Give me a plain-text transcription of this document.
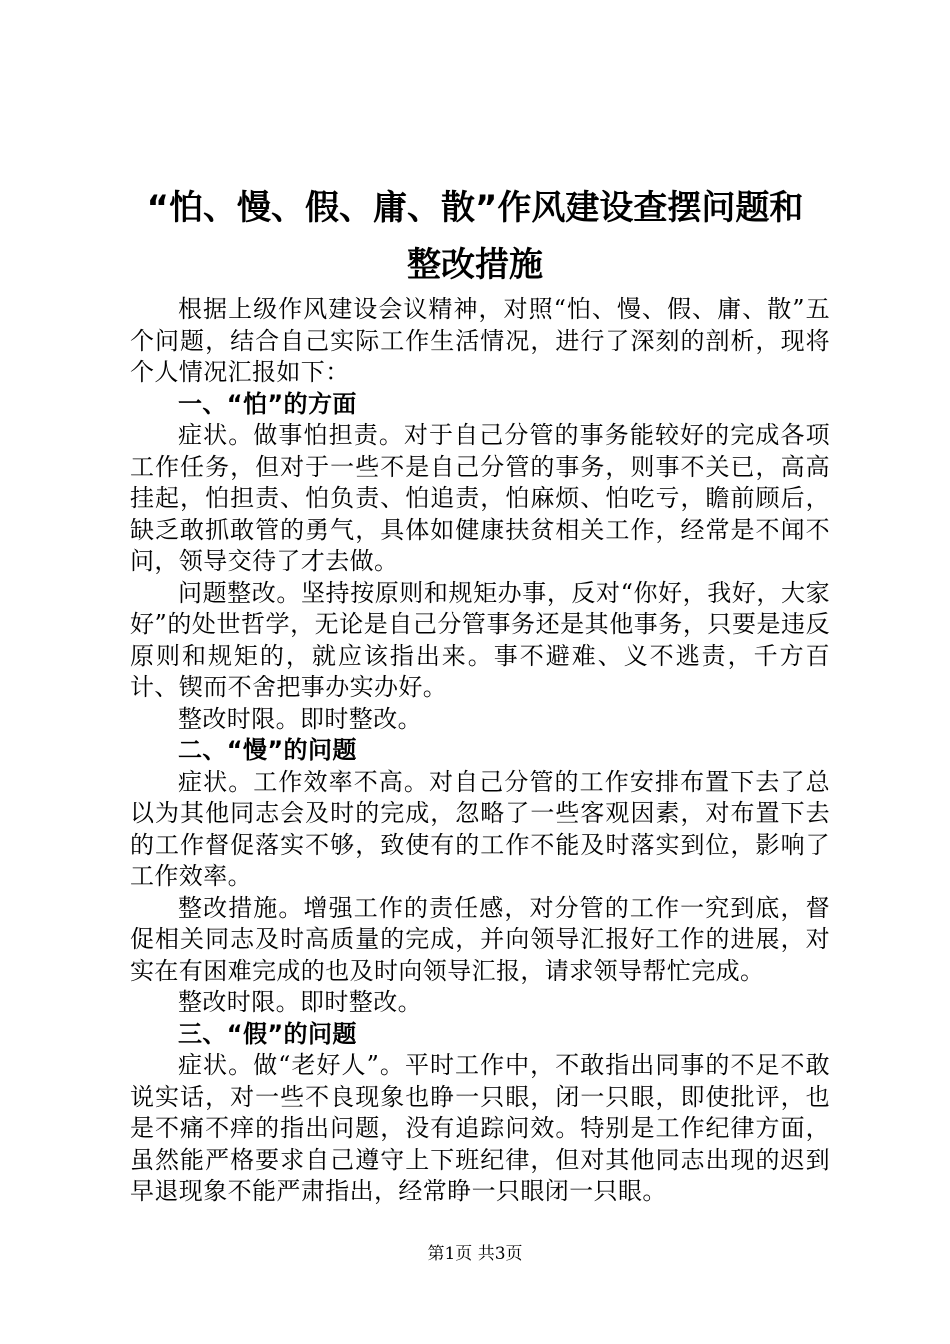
“怕、慢、假、庸、散”作风建设查摆问题和
整改措施

根据上级作风建设会议精神，对照“怕、慢、假、庸、散”五个问题，结合自己实际工作生活情况，进行了深刻的剖析，现将个人情况汇报如下：

一、“怕”的方面

症状。做事怕担责。对于自己分管的事务能较好的完成各项工作任务，但对于一些不是自己分管的事务，则事不关已，高高挂起，怕担责、怕负责、怕追责，怕麻烦、怕吃亏，瞻前顾后，缺乏敢抓敢管的勇气，具体如健康扶贫相关工作，经常是不闻不问，领导交待了才去做。

问题整改。坚持按原则和规矩办事，反对“你好，我好，大家好”的处世哲学，无论是自己分管事务还是其他事务，只要是违反原则和规矩的，就应该指出来。事不避难、义不逃责，千方百计、锲而不舍把事办实办好。

整改时限。即时整改。

二、“慢”的问题

症状。工作效率不高。对自己分管的工作安排布置下去了总以为其他同志会及时的完成，忽略了一些客观因素，对布置下去的工作督促落实不够，致使有的工作不能及时落实到位，影响了工作效率。

整改措施。增强工作的责任感，对分管的工作一究到底，督促相关同志及时高质量的完成，并向领导汇报好工作的进展，对实在有困难完成的也及时向领导汇报，请求领导帮忙完成。

整改时限。即时整改。

三、“假”的问题

症状。做“老好人”。平时工作中，不敢指出同事的不足不敢说实话，对一些不良现象也睁一只眼，闭一只眼，即使批评，也是不痛不痒的指出问题，没有追踪问效。特别是工作纪律方面，虽然能严格要求自己遵守上下班纪律，但对其他同志出现的迟到早退现象不能严肃指出，经常睁一只眼闭一只眼。

第1页 共3页
